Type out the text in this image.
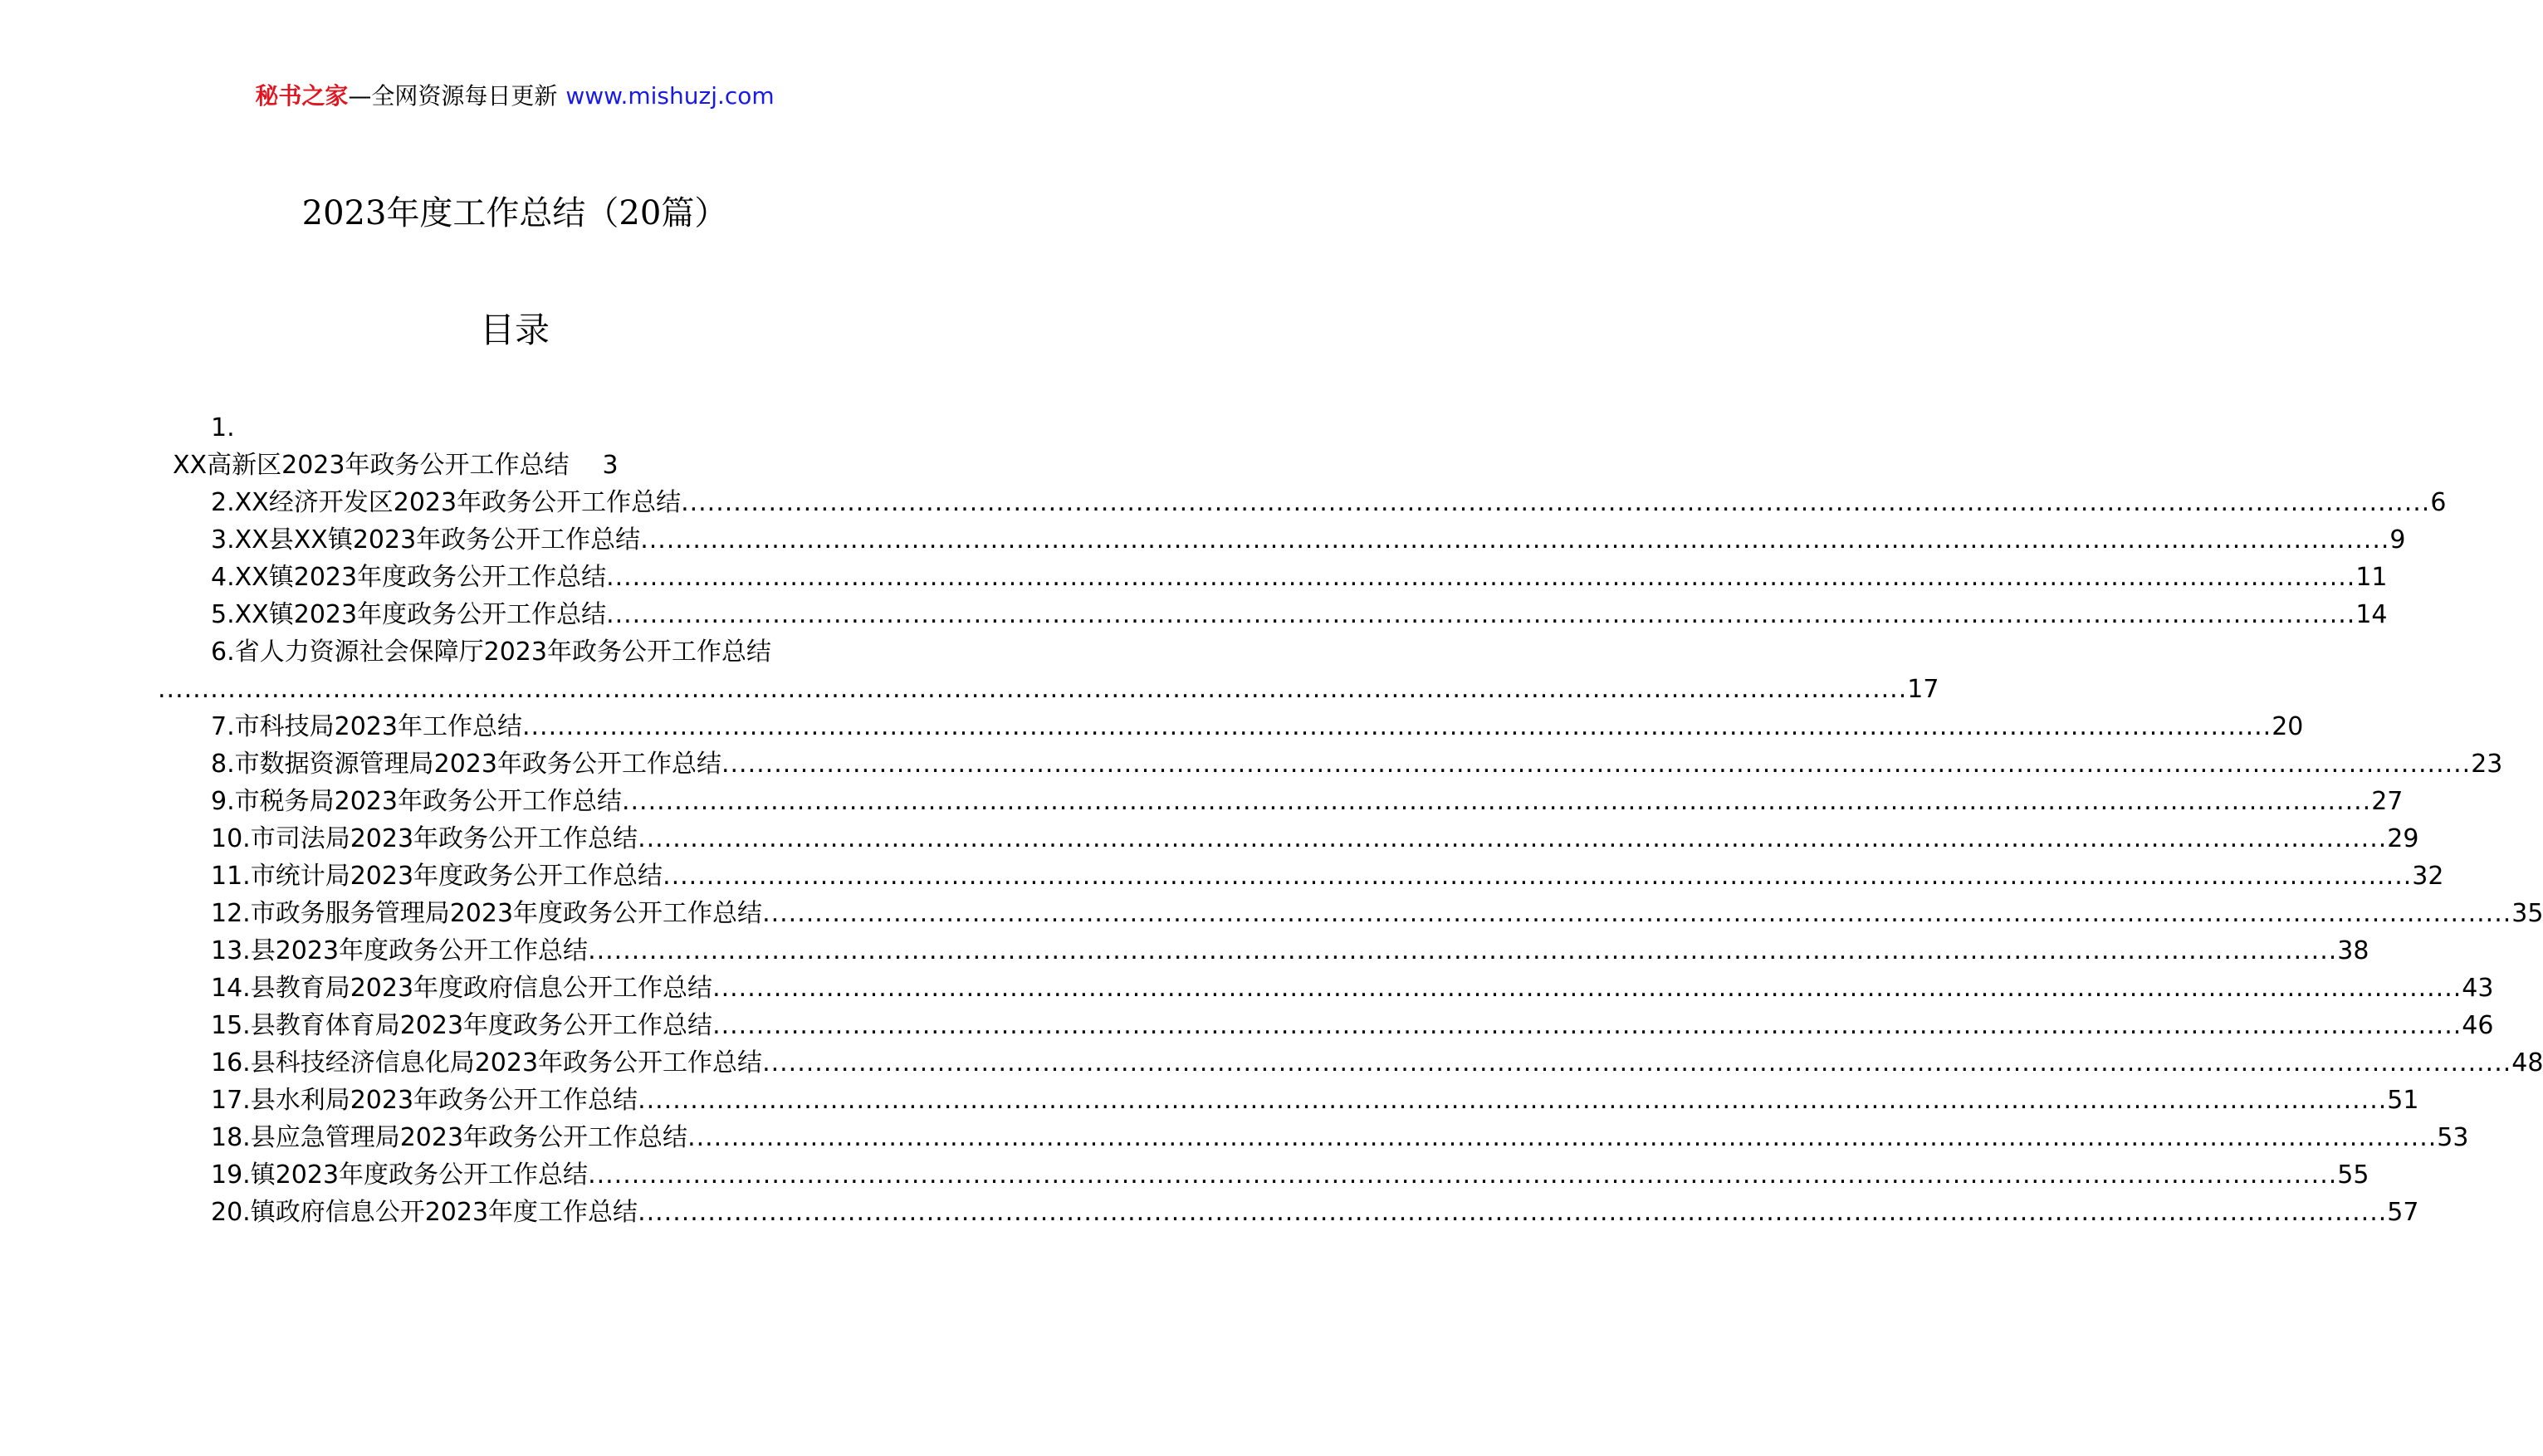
秘书之家—全网资源每日更新 www.mishuzj.com
2023年度工作总结（20篇）
目录
1.
XX高新区2023年政务公开工作总结 3
2.XX经济开发区2023年政务公开工作总结 ........................................................................................................................................................................................................ 6
3.XX县XX镇2023年政务公开工作总结 ........................................................................................................................................................................................................ 9
4.XX镇2023年度政务公开工作总结 ........................................................................................................................................................................................................ 11
5.XX镇2023年度政务公开工作总结 ........................................................................................................................................................................................................ 14
6.省人力资源社会保障厅2023年政务公开工作总结
........................................................................................................................................................................................................ 17
7.市科技局2023年工作总结 ........................................................................................................................................................................................................ 20
8.市数据资源管理局2023年政务公开工作总结 ........................................................................................................................................................................................................ 23
9.市税务局2023年政务公开工作总结 ........................................................................................................................................................................................................ 27
10.市司法局2023年政务公开工作总结 ........................................................................................................................................................................................................ 29
11.市统计局2023年度政务公开工作总结 ........................................................................................................................................................................................................ 32
12.市政务服务管理局2023年度政务公开工作总结 ........................................................................................................................................................................................................ 35
13.县2023年度政务公开工作总结 ........................................................................................................................................................................................................ 38
14.县教育局2023年度政府信息公开工作总结 ........................................................................................................................................................................................................ 43
15.县教育体育局2023年度政务公开工作总结 ........................................................................................................................................................................................................ 46
16.县科技经济信息化局2023年政务公开工作总结 ........................................................................................................................................................................................................ 48
17.县水利局2023年政务公开工作总结 ........................................................................................................................................................................................................ 51
18.县应急管理局2023年政务公开工作总结 ........................................................................................................................................................................................................ 53
19.镇2023年度政务公开工作总结 ........................................................................................................................................................................................................ 55
20.镇政府信息公开2023年度工作总结 ........................................................................................................................................................................................................ 57
